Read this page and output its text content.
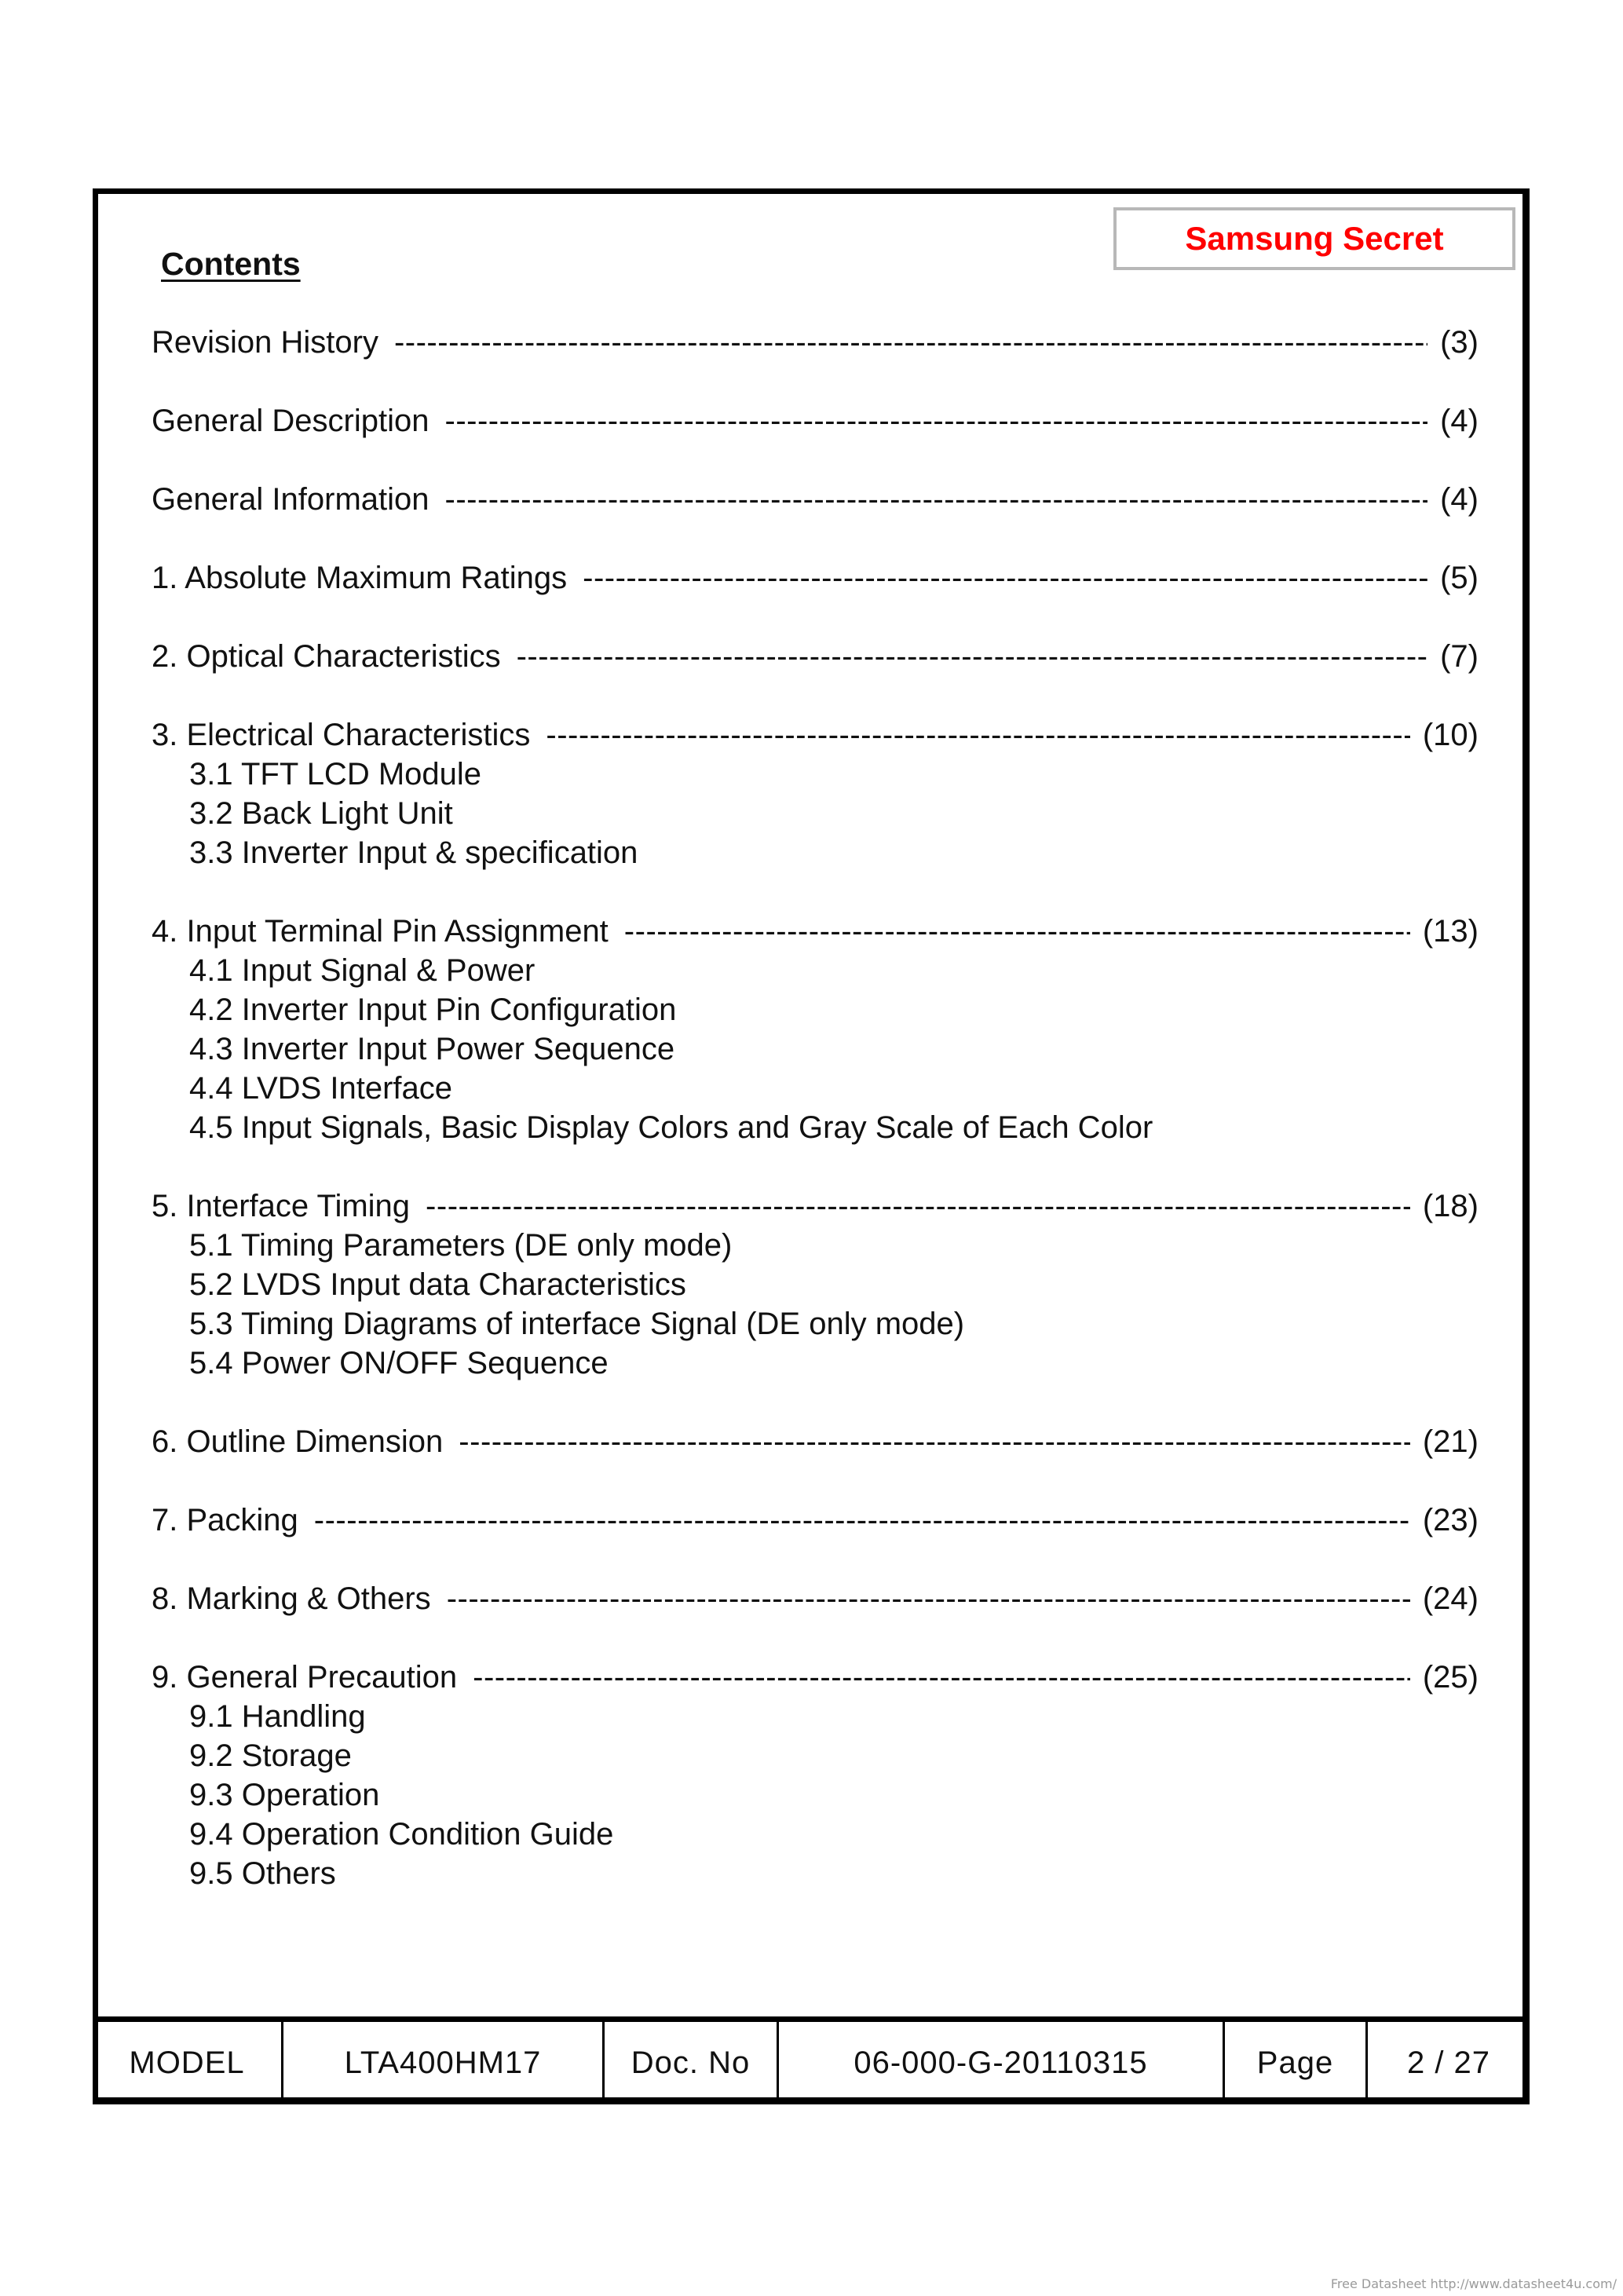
Samsung Secret
Contents
Revision History -----	(3)
General Description -----	(4)
General Information -----	(4)
1. Absolute Maximum Ratings -----	(5)
2. Optical Characteristics -----	(7)
3. Electrical Characteristics -----	(10)
3.1 TFT LCD Module
3.2 Back Light Unit
3.3 Inverter Input & specification
4. Input Terminal Pin Assignment -----	(13)
4.1 Input Signal & Power
4.2 Inverter Input Pin Configuration
4.3 Inverter Input Power Sequence
4.4 LVDS Interface
4.5 Input Signals, Basic Display Colors and Gray Scale of Each Color
5. Interface Timing -----	(18)
5.1 Timing Parameters (DE only mode)
5.2 LVDS Input data Characteristics
5.3 Timing Diagrams of interface Signal (DE only mode)
5.4 Power ON/OFF Sequence
6. Outline Dimension -----	(21)
7. Packing -----	(23)
8. Marking & Others -----	(24)
9. General Precaution -----	(25)
9.1 Handling
9.2 Storage
9.3 Operation
9.4 Operation Condition Guide
9.5 Others
MODEL	LTA400HM17	Doc. No	06-000-G-20110315	Page	2 / 27
Free Datasheet http://www.datasheet4u.com/
